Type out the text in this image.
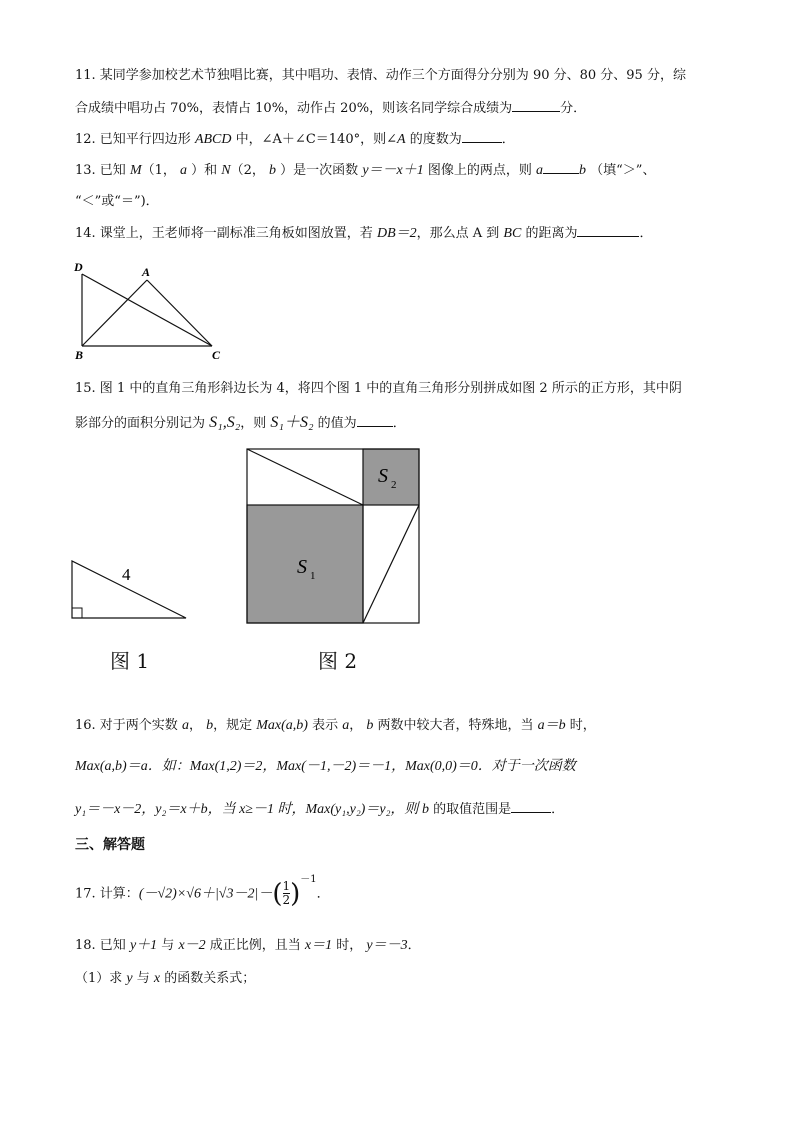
11. 某同学参加校艺术节独唱比赛，其中唱功、表情、动作三个方面得分分别为 90 分、80 分、95 分，综
合成绩中唱功占 70%，表情占 10%，动作占 20%，则该名同学综合成绩为	分．
12. 已知平行四边形 ABCD 中，∠A＋∠C＝140°，则∠A 的度数为	．
13. 已知 M（1， a ）和 N（2， b ）是一次函数 y＝－x＋1 图像上的两点，则 a	b （填“＞”、
“＜”或“＝”)．
14. 课堂上，王老师将一副标准三角板如图放置，若 DB＝2，那么点 A 到 BC 的距离为	．
D	A
B	C
15. 图 1 中的直角三角形斜边长为 4，将四个图 1 中的直角三角形分别拼成如图 2 所示的正方形，其中阴
影部分的面积分别记为 S₁,S₂，则 S₁＋S₂ 的值为	．
4
图 1
S 1
S 2
图 2
16. 对于两个实数 a， b，规定 Max(a,b) 表示 a， b 两数中较大者，特殊地，当 a＝b 时，
Max(a,b)＝a．如：Max(1,2)＝2，Max(－1,－2)＝－1，Max(0,0)＝0．对于一次函数
y₁＝－x－2，y₂＝x＋b，当 x≥－1 时，Max(y₁,y₂)＝y₂，则 b 的取值范围是	．
三、解答题
17. 计算：$(-√2)\times√6+|√3-2|-( \frac{1}{2} )^{-1}$．
18. 已知 y＋1 与 x－2 成正比例，且当 x＝1 时， y＝－3．
（1）求 y 与 x 的函数关系式；
